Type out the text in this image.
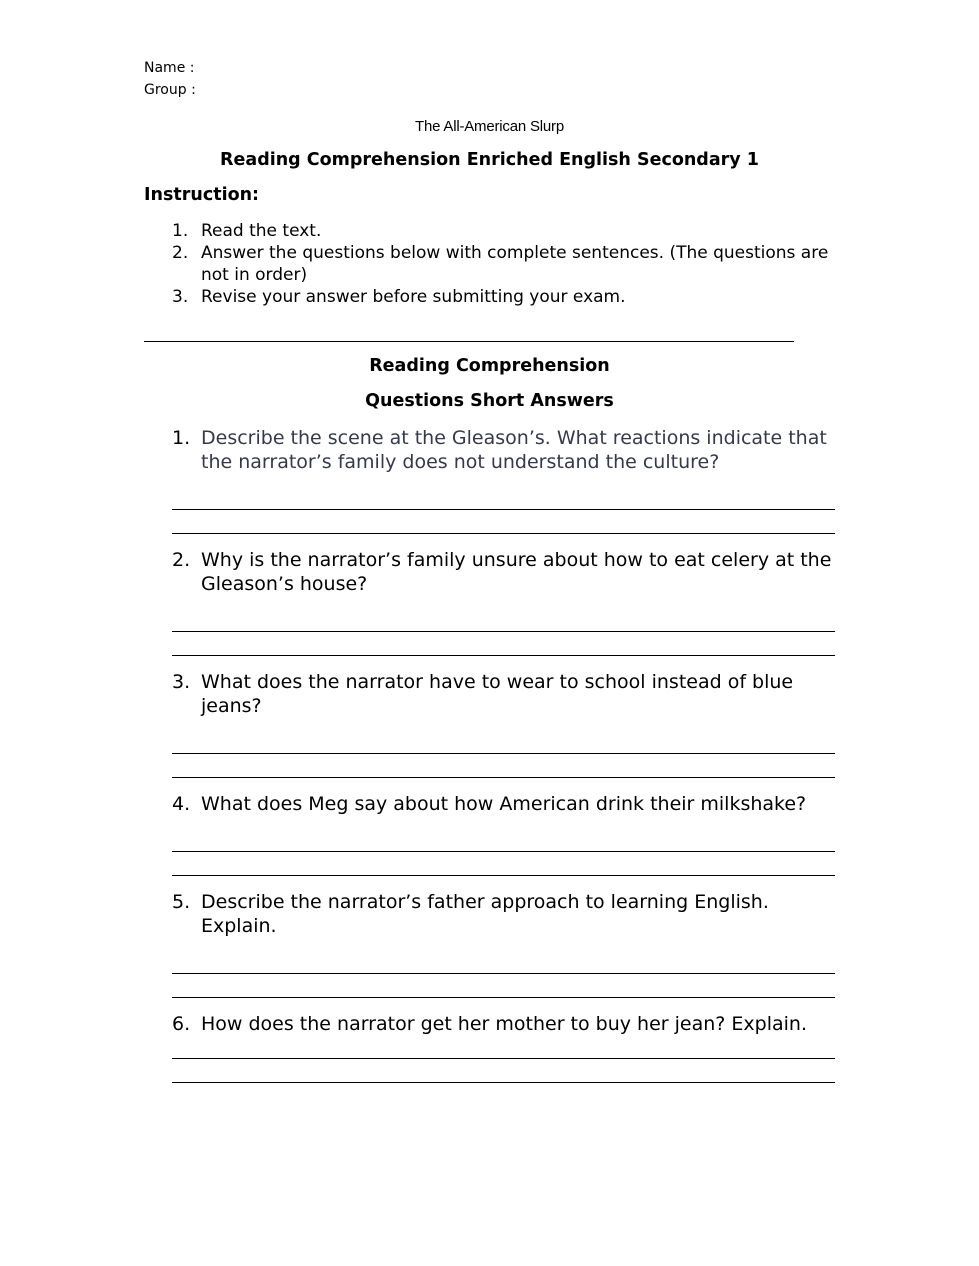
Name :
Group :
The All-American Slurp
Reading Comprehension Enriched English Secondary 1
Instruction:
1. Read the text.
2. Answer the questions below with complete sentences. (The questions are not in order)
3. Revise your answer before submitting your exam.
Reading Comprehension
Questions Short Answers
1. Describe the scene at the Gleason’s. What reactions indicate that the narrator’s family does not understand the culture?
2. Why is the narrator’s family unsure about how to eat celery at the Gleason’s house?
3. What does the narrator have to wear to school instead of blue jeans?
4. What does Meg say about how American drink their milkshake?
5. Describe the narrator’s father approach to learning English. Explain.
6. How does the narrator get her mother to buy her jean? Explain.
